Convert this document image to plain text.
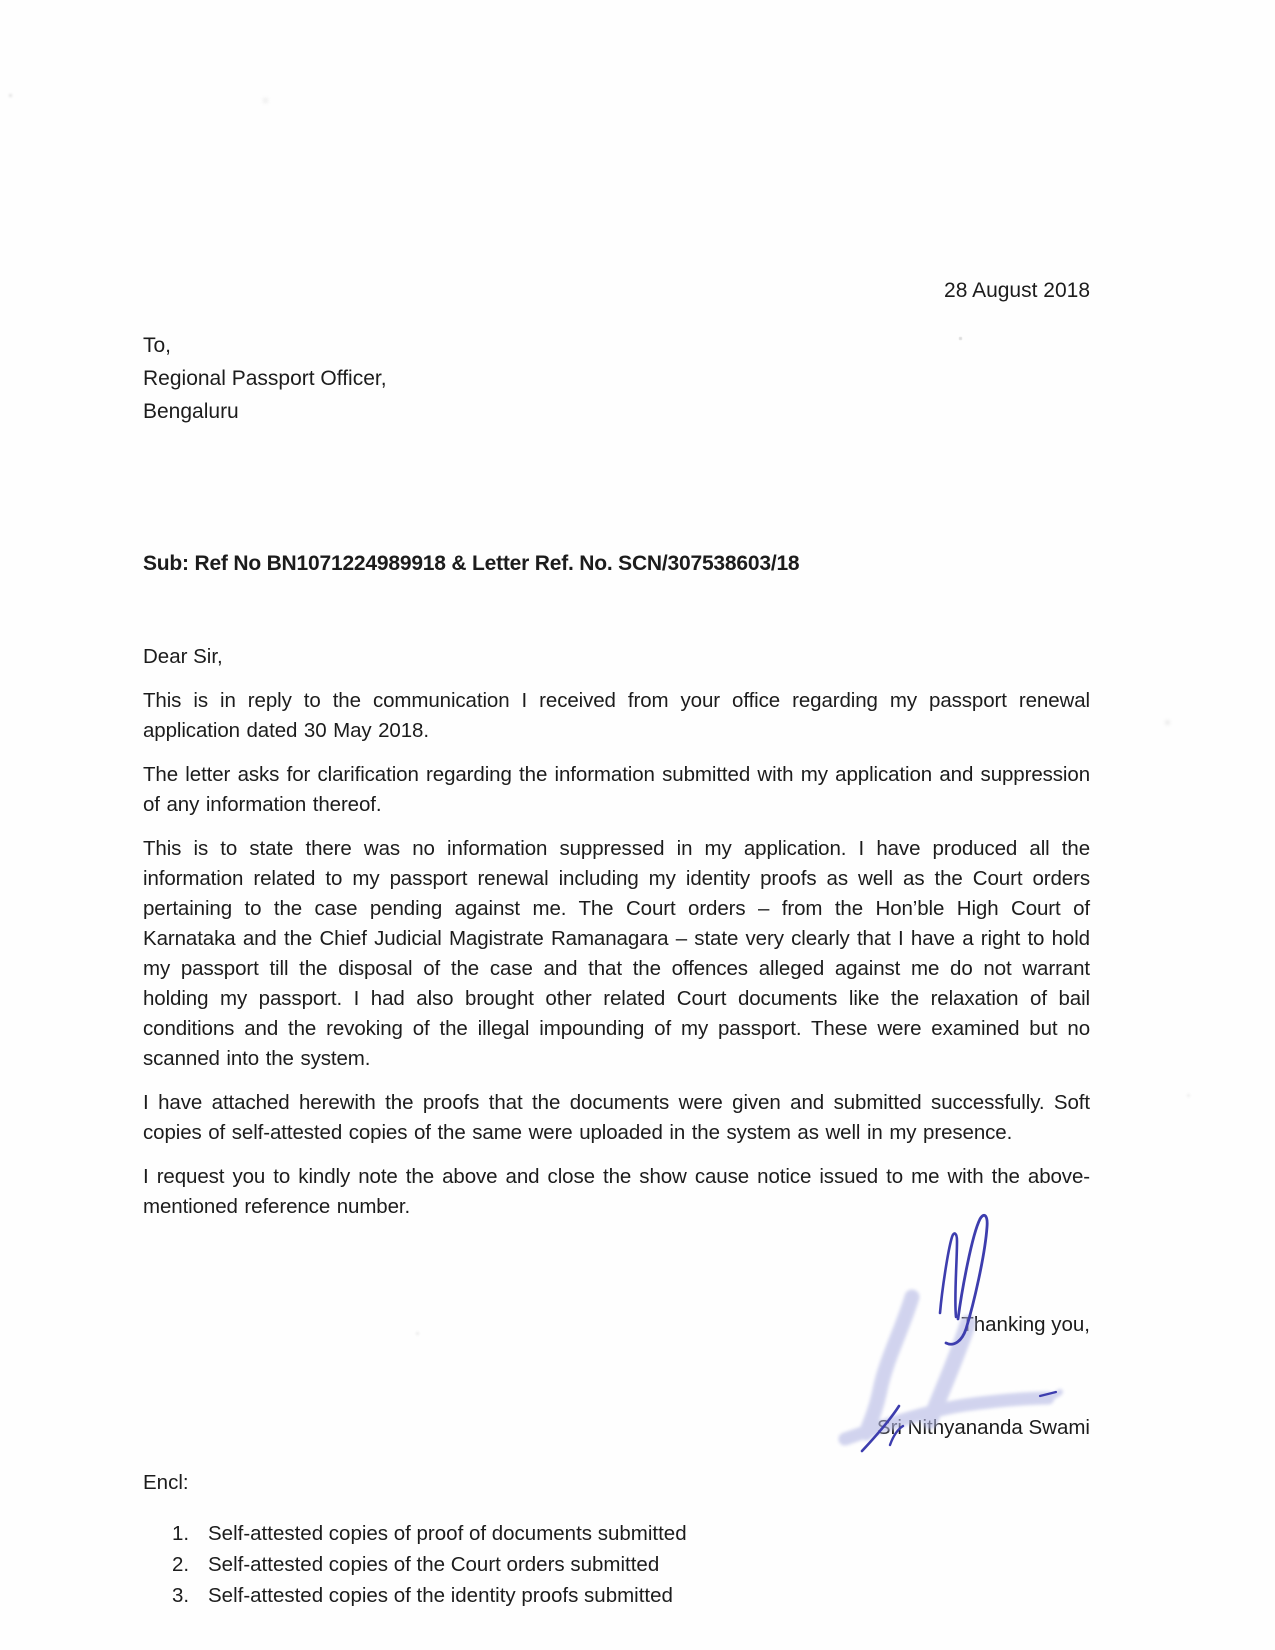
28 August 2018
To,
Regional Passport Officer,
Bengaluru
Sub: Ref No BN1071224989918 & Letter Ref. No. SCN/307538603/18
Dear Sir,

This is in reply to the communication I received from your office regarding my passport renewal application dated 30 May 2018.

The letter asks for clarification regarding the information submitted with my application and suppression of any information thereof.

This is to state there was no information suppressed in my application. I have produced all the information related to my passport renewal including my identity proofs as well as the Court orders pertaining to the case pending against me. The Court orders – from the Hon’ble High Court of Karnataka and the Chief Judicial Magistrate Ramanagara – state very clearly that I have a right to hold my passport till the disposal of the case and that the offences alleged against me do not warrant holding my passport. I had also brought other related Court documents like the relaxation of bail conditions and the revoking of the illegal impounding of my passport. These were examined but no scanned into the system.

I have attached herewith the proofs that the documents were given and submitted successfully. Soft copies of self-attested copies of the same were uploaded in the system as well in my presence.

I request you to kindly note the above and close the show cause notice issued to me with the above-mentioned reference number.

Thanking you,
Sri Nithyananda Swami
Encl:
1. Self-attested copies of proof of documents submitted
2. Self-attested copies of the Court orders submitted
3. Self-attested copies of the identity proofs submitted
